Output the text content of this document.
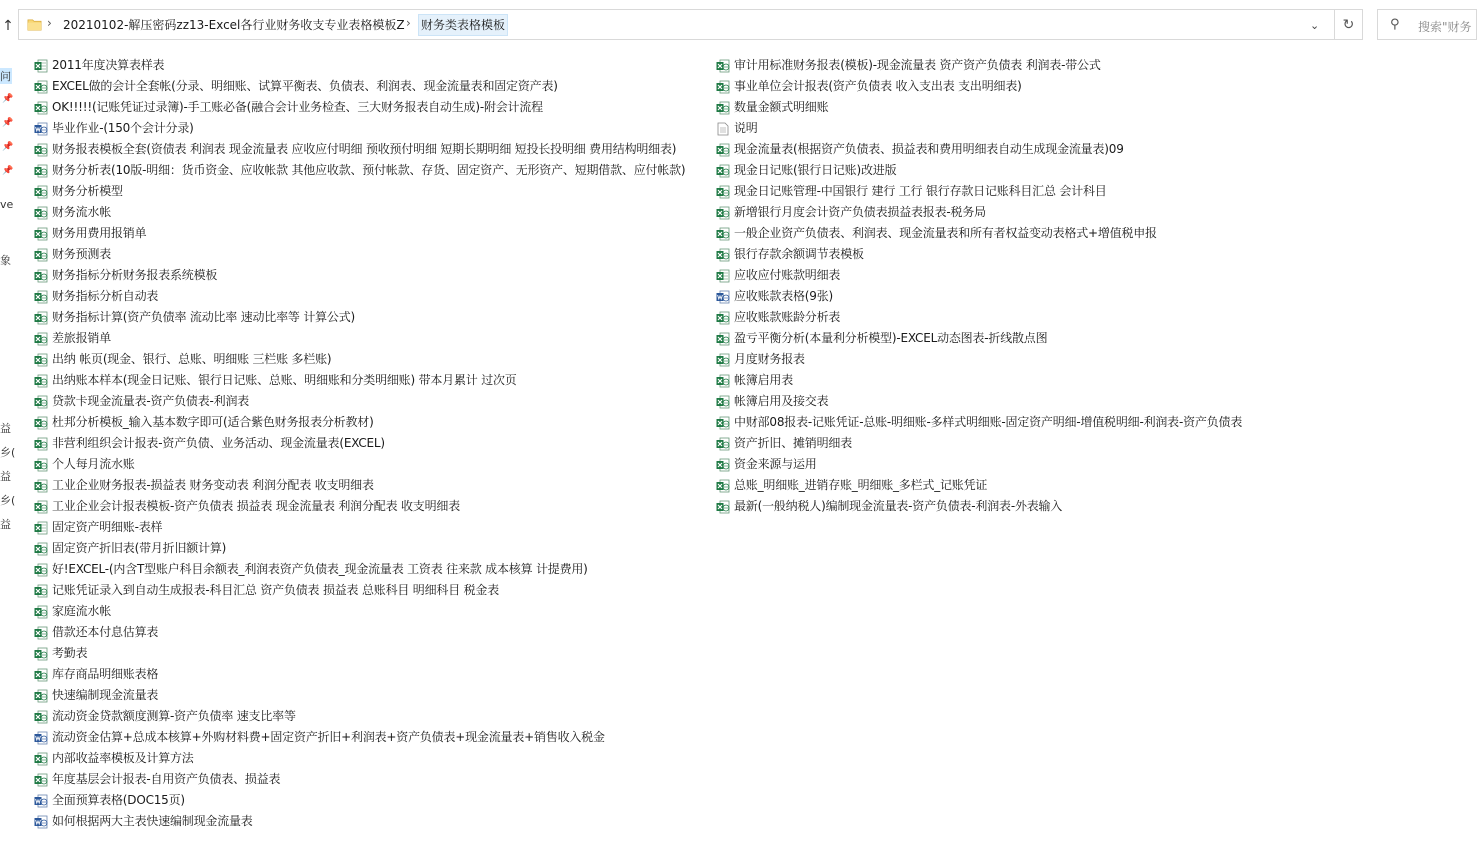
↑	› 20210102-解压密码zz13-Excel各行业财务收支专业表格模板Z › 财务类表格模板	⌄ ↻	⚲ 搜索"财务
问
📌
📌
📌
📌
ve
象
益
乡(
益
乡(
益
2011年度决算表样表
EXCEL做的会计全套帐(分录、明细账、试算平衡表、负债表、利润表、现金流量表和固定资产表)
OK!!!!!(记账凭证过录簿)-手工账必备(融合会计业务检查、三大财务报表自动生成)-附会计流程
毕业作业-(150个会计分录)
财务报表模板全套(资债表 利润表 现金流量表 应收应付明细 预收预付明细 短期长期明细 短投长投明细 费用结构明细表)
财务分析表(10版-明细：货币资金、应收帐款 其他应收款、预付帐款、存货、固定资产、无形资产、短期借款、应付帐款)
财务分析模型
财务流水帐
财务用费用报销单
财务预测表
财务指标分析财务报表系统模板
财务指标分析自动表
财务指标计算(资产负债率 流动比率 速动比率等 计算公式)
差旅报销单
出纳 帐页(现金、银行、总账、明细账 三栏账 多栏账)
出纳账本样本(现金日记账、银行日记账、总账、明细账和分类明细账) 带本月累计 过次页
贷款卡现金流量表-资产负债表-利润表
杜邦分析模板_输入基本数字即可(适合紫色财务报表分析教材)
非营利组织会计报表-资产负债、业务活动、现金流量表(EXCEL)
个人每月流水账
工业企业财务报表-损益表 财务变动表 利润分配表 收支明细表
工业企业会计报表模板-资产负债表 损益表 现金流量表 利润分配表 收支明细表
固定资产明细账-表样
固定资产折旧表(带月折旧额计算)
好!EXCEL-(内含T型账户科目余额表_利润表资产负债表_现金流量表 工资表 往来款 成本核算 计提费用)
记账凭证录入到自动生成报表-科目汇总 资产负债表 损益表 总账科目 明细科目 税金表
家庭流水帐
借款还本付息估算表
考勤表
库存商品明细账表格
快速编制现金流量表
流动资金贷款额度测算-资产负债率 速支比率等
流动资金估算+总成本核算+外购材料费+固定资产折旧+利润表+资产负债表+现金流量表+销售收入税金
内部收益率模板及计算方法
年度基层会计报表-自用资产负债表、损益表
全面预算表格(DOC15页)
如何根据两大主表快速编制现金流量表
审计用标准财务报表(模板)-现金流量表 资产资产负债表 利润表-带公式
事业单位会计报表(资产负债表 收入支出表 支出明细表)
数量金额式明细账
说明
现金流量表(根据资产负债表、损益表和费用明细表自动生成现金流量表)09
现金日记账(银行日记账)改进版
现金日记账管理-中国银行 建行 工行 银行存款日记账科目汇总 会计科目
新增银行月度会计资产负债表损益表报表-税务局
一般企业资产负债表、利润表、现金流量表和所有者权益变动表格式+增值税申报
银行存款余额调节表模板
应收应付账款明细表
应收账款表格(9张)
应收账款账龄分析表
盈亏平衡分析(本量利分析模型)-EXCEL动态图表-折线散点图
月度财务报表
帐簿启用表
帐簿启用及接交表
中财部08报表-记账凭证-总账-明细账-多样式明细账-固定资产明细-增值税明细-利润表-资产负债表
资产折旧、摊销明细表
资金来源与运用
总账_明细账_进销存账_明细账_多栏式_记账凭证
最新(一般纳税人)编制现金流量表-资产负债表-利润表-外表输入
